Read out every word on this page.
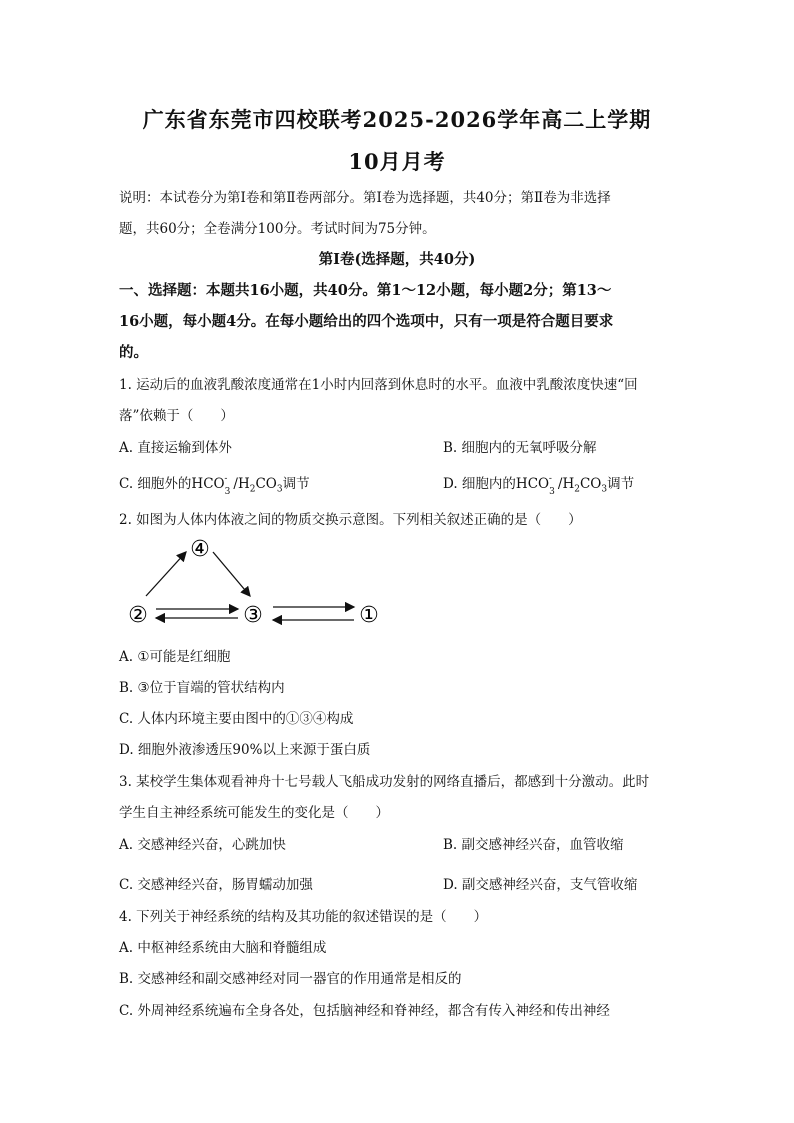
广东省东莞市四校联考2025-2026学年高二上学期
10月月考
说明：本试卷分为第Ⅰ卷和第Ⅱ卷两部分。第Ⅰ卷为选择题，共40分；第Ⅱ卷为非选择
题，共60分；全卷满分100分。考试时间为75分钟。
第Ⅰ卷(选择题，共40分)
一、选择题：本题共16小题，共40分。第1～12小题，每小题2分；第13～
16小题，每小题4分。在每小题给出的四个选项中，只有一项是符合题目要求
的。
1. 运动后的血液乳酸浓度通常在1小时内回落到休息时的水平。血液中乳酸浓度快速“回
落”依赖于（　　）
A. 直接运输到体外	B. 细胞内的无氧呼吸分解
C. 细胞外的$HCO_3^-$ $/H_2CO_3$调节	D. 细胞内的$HCO_3^-$ $/H_2CO_3$调节
2. 如图为人体内体液之间的物质交换示意图。下列相关叙述正确的是（　　）
②	③
④
①
A. ①可能是红细胞
B. ③位于盲端的管状结构内
C. 人体内环境主要由图中的①③④构成
D. 细胞外液渗透压90%以上来源于蛋白质
3. 某校学生集体观看神舟十七号载人飞船成功发射的网络直播后，都感到十分激动。此时
学生自主神经系统可能发生的变化是（　　）
A. 交感神经兴奋，心跳加快	B. 副交感神经兴奋，血管收缩
C. 交感神经兴奋，肠胃蠕动加强	D. 副交感神经兴奋，支气管收缩
4. 下列关于神经系统的结构及其功能的叙述错误的是（　　）
A. 中枢神经系统由大脑和脊髓组成
B. 交感神经和副交感神经对同一器官的作用通常是相反的
C. 外周神经系统遍布全身各处，包括脑神经和脊神经，都含有传入神经和传出神经
